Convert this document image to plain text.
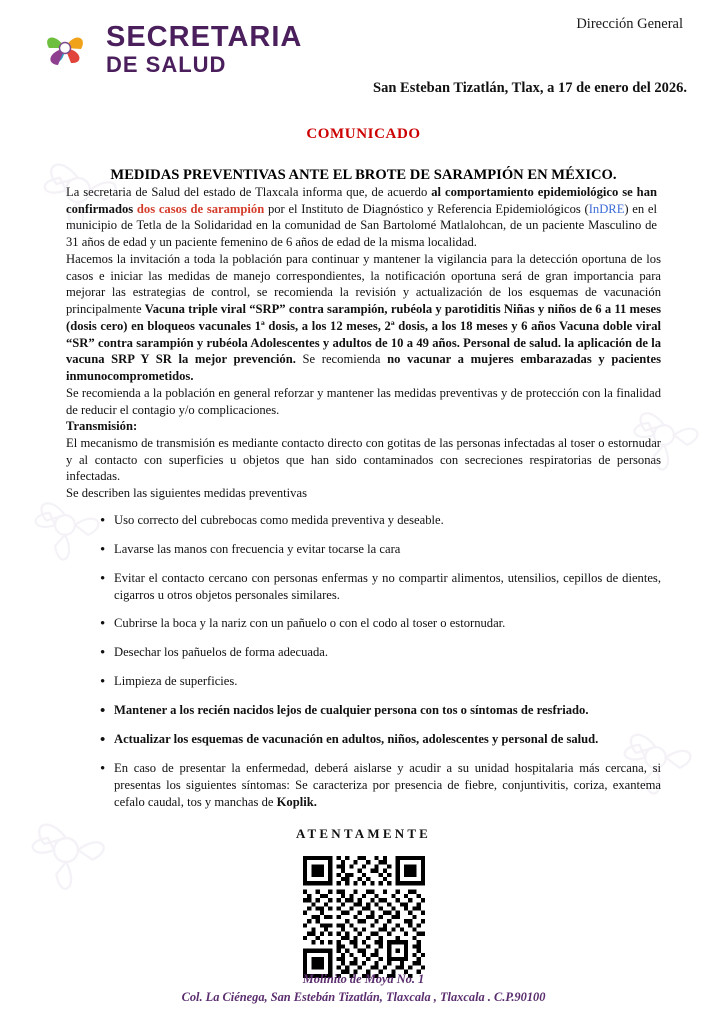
SECRETARIA
DE SALUD
Dirección General
San Esteban Tizatlán, Tlax, a 17 de enero del 2026.
COMUNICADO
MEDIDAS PREVENTIVAS ANTE EL BROTE DE SARAMPIÓN EN MÉXICO.

La secretaria de Salud del estado de Tlaxcala informa que, de acuerdo al comportamiento epidemiológico se han confirmados dos casos de sarampión por el Instituto de Diagnóstico y Referencia Epidemiológicos (InDRE) en el municipio de Tetla de la Solidaridad en la comunidad de San Bartolomé Matlalohcan, de un paciente Masculino de 31 años de edad y un paciente femenino de 6 años de edad de la misma localidad.

Hacemos la invitación a toda la población para continuar y mantener la vigilancia para la detección oportuna de los casos e iniciar las medidas de manejo correspondientes, la notificación oportuna será de gran importancia para mejorar las estrategias de control, se recomienda la revisión y actualización de los esquemas de vacunación principalmente Vacuna triple viral “SRP” contra sarampión, rubéola y parotiditis Niñas y niños de 6 a 11 meses (dosis cero) en bloqueos vacunales 1ª dosis, a los 12 meses, 2ª dosis, a los 18 meses y 6 años Vacuna doble viral “SR” contra sarampión y rubéola Adolescentes y adultos de 10 a 49 años. Personal de salud. la aplicación de la vacuna SRP Y SR la mejor prevención. Se recomienda no vacunar a mujeres embarazadas y pacientes inmunocomprometidos.

Se recomienda a la población en general reforzar y mantener las medidas preventivas y de protección con la finalidad de reducir el contagio y/o complicaciones.

Transmisión:

El mecanismo de transmisión es mediante contacto directo con gotitas de las personas infectadas al toser o estornudar y al contacto con superficies u objetos que han sido contaminados con secreciones respiratorias de personas infectadas.

Se describen las siguientes medidas preventivas

• Uso correcto del cubrebocas como medida preventiva y deseable.
• Lavarse las manos con frecuencia y evitar tocarse la cara
• Evitar el contacto cercano con personas enfermas y no compartir alimentos, utensilios, cepillos de dientes, cigarros u otros objetos personales similares.
• Cubrirse la boca y la nariz con un pañuelo o con el codo al toser o estornudar.
• Desechar los pañuelos de forma adecuada.
• Limpieza de superficies.
• Mantener a los recién nacidos lejos de cualquier persona con tos o síntomas de resfriado.
• Actualizar los esquemas de vacunación en adultos, niños, adolescentes y personal de salud.
• En caso de presentar la enfermedad, deberá aislarse y acudir a su unidad hospitalaria más cercana, si presentas los siguientes síntomas: Se caracteriza por presencia de fiebre, conjuntivitis, coriza, exantema cefalo caudal, tos y manchas de Koplik.
ATENTAMENTE
Molinito de Moya No. 1
Col. La Ciénega, San Estebán Tizatlán, Tlaxcala , Tlaxcala . C.P.90100
